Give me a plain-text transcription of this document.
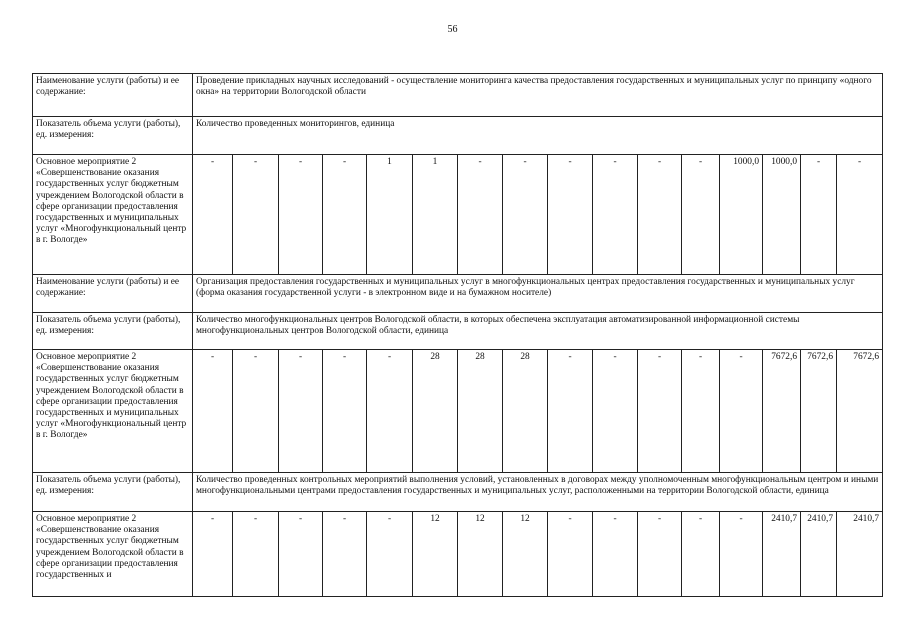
56
Наименование услуги (работы) и ее содержание:	Проведение прикладных научных исследований - осуществление мониторинга качества предоставления государственных и муниципальных услуг по принципу «одного окна» на территории Вологодской области															
Показатель объема услуги (работы), ед. измерения:	Количество проведенных мониторингов, единица															
Основное мероприятие 2 «Совершенствование оказания государственных услуг бюджетным учреждением Вологодской области в сфере организации предоставления государственных и муниципальных услуг «Многофункциональный центр в г. Вологде»	-	-	-	-	1	1	-	-	-	-	-	-	1000,0	1000,0	-	-
Наименование услуги (работы) и ее содержание:	Организация предоставления государственных и муниципальных услуг в многофункциональных центрах предоставления государственных и муниципальных услуг (форма оказания государственной услуги - в электронном виде и на бумажном носителе)															
Показатель объема услуги (работы), ед. измерения:	Количество многофункциональных центров Вологодской области, в которых обеспечена эксплуатация автоматизированной информационной системы многофункциональных центров Вологодской области, единица															
Основное мероприятие 2 «Совершенствование оказания государственных услуг бюджетным учреждением Вологодской области в сфере организации предоставления государственных и муниципальных услуг «Многофункциональный центр в г. Вологде»	-	-	-	-	-	28	28	28	-	-	-	-	-	7672,6	7672,6	7672,6
Показатель объема услуги (работы), ед. измерения:	Количество проведенных контрольных мероприятий выполнения условий, установленных в договорах между уполномоченным многофункциональным центром и иными многофункциональными центрами предоставления государственных и муниципальных услуг, расположенными на территории Вологодской области, единица															
Основное мероприятие 2 «Совершенствование оказания государственных услуг бюджетным учреждением Вологодской области в сфере организации предоставления государственных и	-	-	-	-	-	12	12	12	-	-	-	-	-	2410,7	2410,7	2410,7
